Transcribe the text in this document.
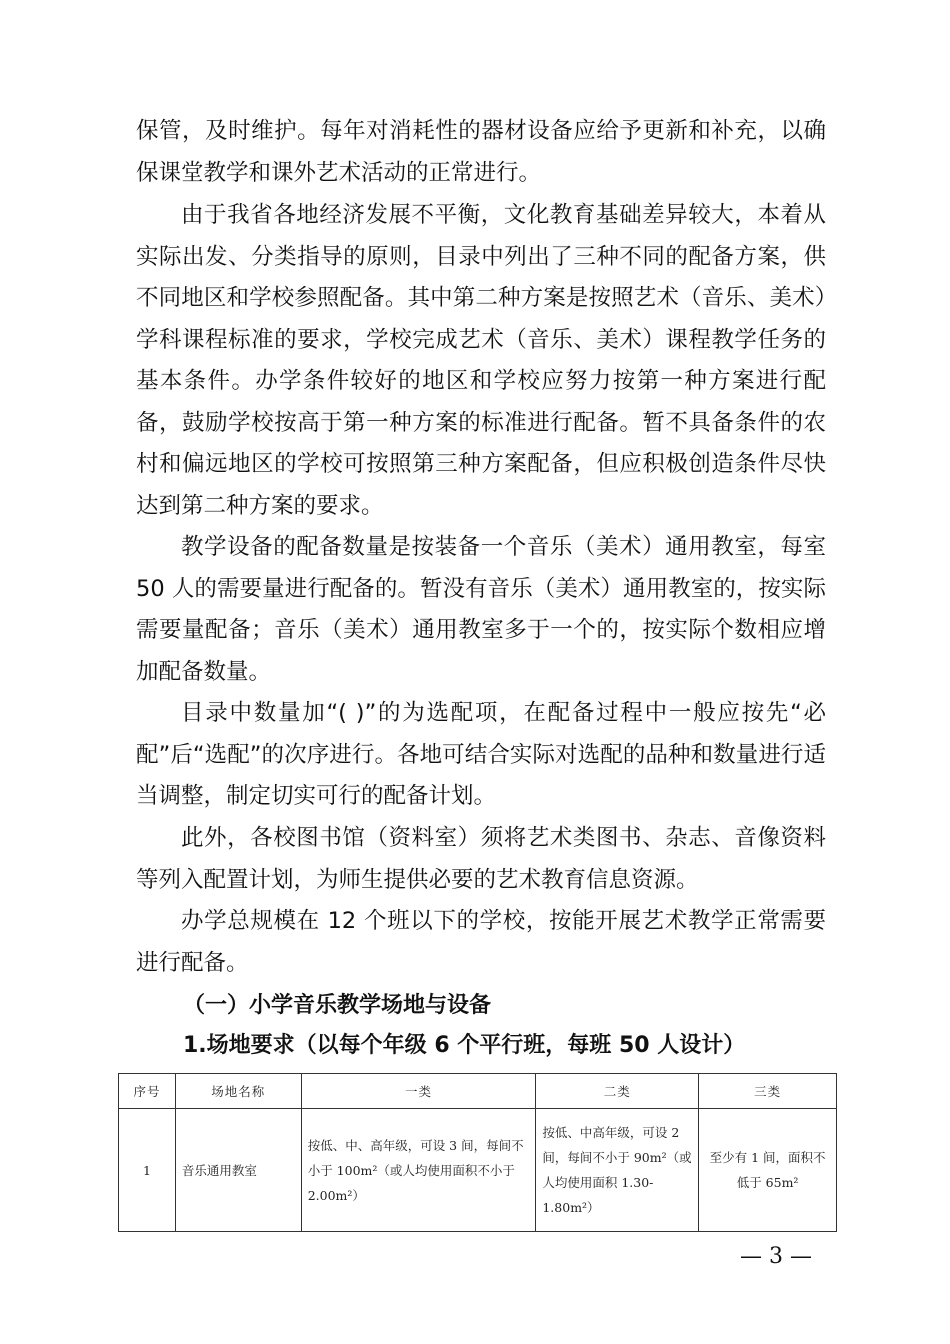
保管，及时维护。每年对消耗性的器材设备应给予更新和补充，以确保课堂教学和课外艺术活动的正常进行。

由于我省各地经济发展不平衡，文化教育基础差异较大，本着从实际出发、分类指导的原则，目录中列出了三种不同的配备方案，供不同地区和学校参照配备。其中第二种方案是按照艺术（音乐、美术）学科课程标准的要求，学校完成艺术（音乐、美术）课程教学任务的基本条件。办学条件较好的地区和学校应努力按第一种方案进行配备，鼓励学校按高于第一种方案的标准进行配备。暂不具备条件的农村和偏远地区的学校可按照第三种方案配备，但应积极创造条件尽快达到第二种方案的要求。

教学设备的配备数量是按装备一个音乐（美术）通用教室，每室 50 人的需要量进行配备的。暂没有音乐（美术）通用教室的，按实际需要量配备；音乐（美术）通用教室多于一个的，按实际个数相应增加配备数量。

目录中数量加“( )”的为选配项，在配备过程中一般应按先“必配”后“选配”的次序进行。各地可结合实际对选配的品种和数量进行适当调整，制定切实可行的配备计划。

此外，各校图书馆（资料室）须将艺术类图书、杂志、音像资料等列入配置计划，为师生提供必要的艺术教育信息资源。

办学总规模在 12 个班以下的学校，按能开展艺术教学正常需要进行配备。

（一）小学音乐教学场地与设备
1.场地要求（以每个年级 6 个平行班，每班 50 人设计）
序号	场地名称	一类	二类	三类
1	音乐通用教室	按低、中、高年级，可设 3 间，每间不小于 100m²（或人均使用面积不小于 2.00m²）	按低、中高年级，可设 2 间，每间不小于 90m²（或人均使用面积 1.30-1.80m²）	至少有 1 间，面积不低于 65m²
— 3 —
